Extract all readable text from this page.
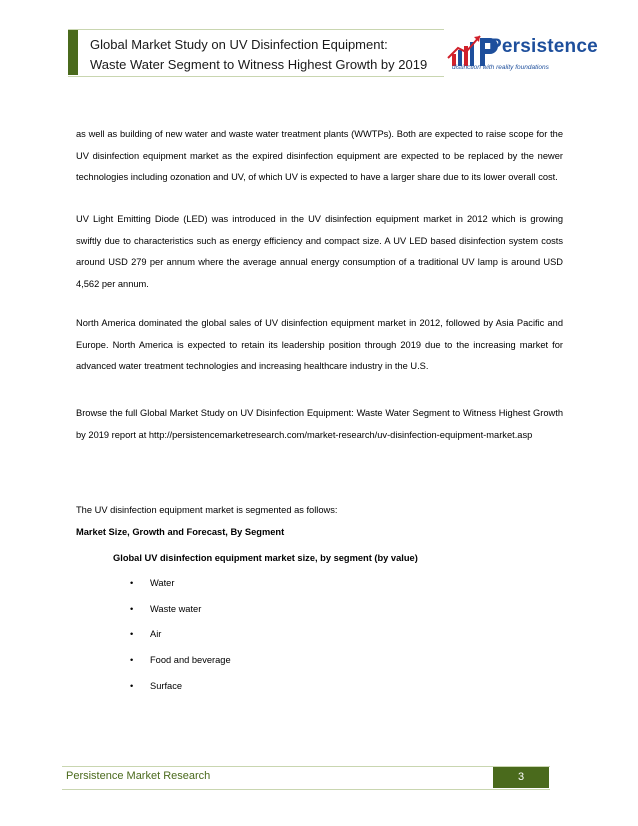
Global Market Study on UV Disinfection Equipment:
Waste Water Segment to Witness Highest Growth by 2019
Persistence
distinction with reality foundations

as well as building of new water and waste water treatment plants (WWTPs). Both are expected to raise scope for the UV disinfection equipment market as the expired disinfection equipment are expected to be replaced by the newer technologies including ozonation and UV, of which UV is expected to have a larger share due to its lower overall cost.

UV Light Emitting Diode (LED) was introduced in the UV disinfection equipment market in 2012 which is growing swiftly due to characteristics such as energy efficiency and compact size. A UV LED based disinfection system costs around USD 279 per annum where the average annual energy consumption of a traditional UV lamp is around USD 4,562 per annum.

North America dominated the global sales of UV disinfection equipment market in 2012, followed by Asia Pacific and Europe. North America is expected to retain its leadership position through 2019 due to the increasing market for advanced water treatment technologies and increasing healthcare industry in the U.S.

Browse the full Global Market Study on UV Disinfection Equipment: Waste Water Segment to Witness Highest Growth by 2019 report at http://persistencemarketresearch.com/market-research/uv-disinfection-equipment-market.asp

The UV disinfection equipment market is segmented as follows:

Market Size, Growth and Forecast, By Segment

Global UV disinfection equipment market size, by segment (by value)
• Water
• Waste water
• Air
• Food and beverage
• Surface
Persistence Market Research	3
